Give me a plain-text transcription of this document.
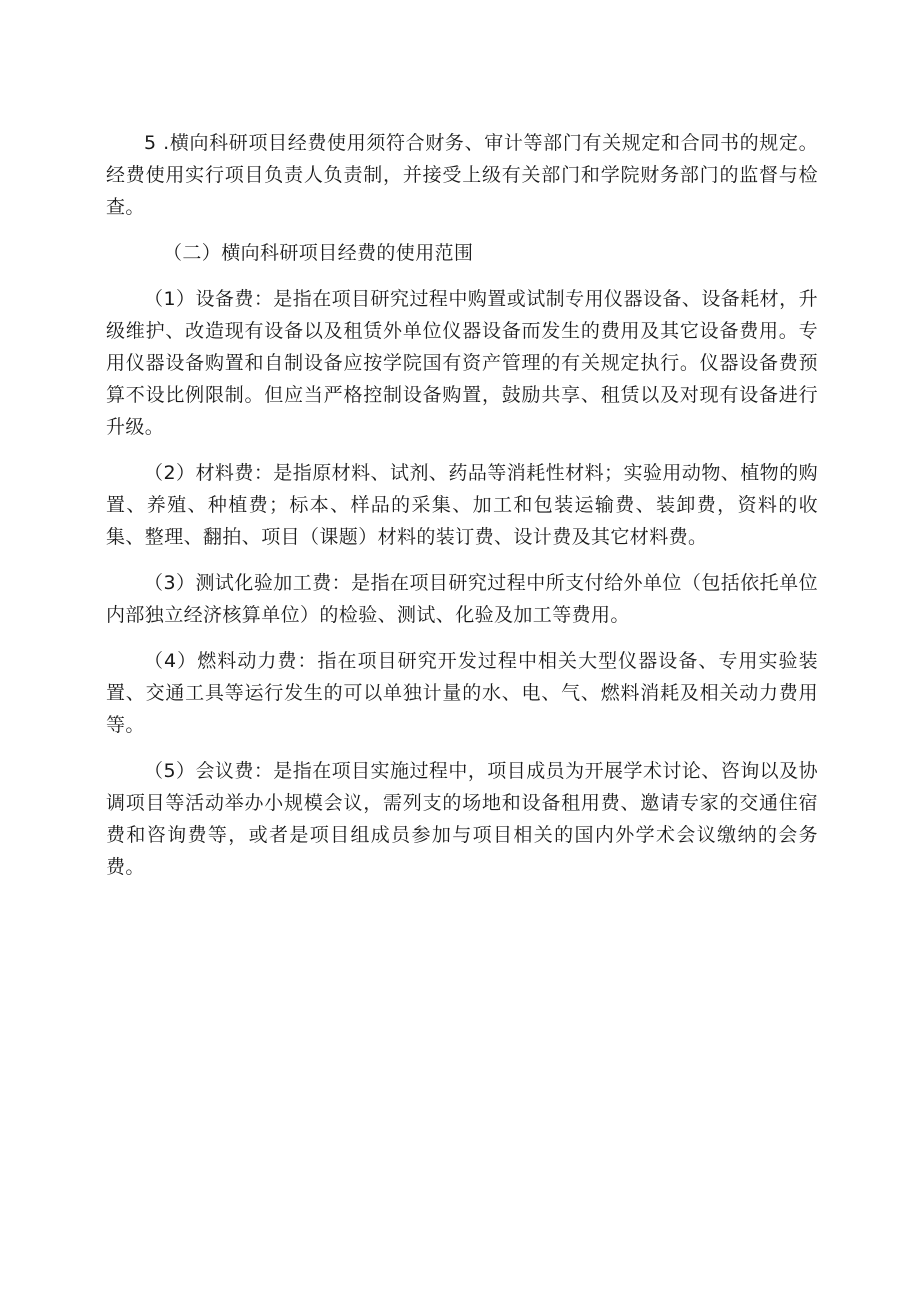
5 .横向科研项目经费使用须符合财务、审计等部门有关规定和合同书的规定。经费使用实行项目负责人负责制，并接受上级有关部门和学院财务部门的监督与检查。

（二）横向科研项目经费的使用范围

（1）设备费：是指在项目研究过程中购置或试制专用仪器设备、设备耗材，升级维护、改造现有设备以及租赁外单位仪器设备而发生的费用及其它设备费用。专用仪器设备购置和自制设备应按学院国有资产管理的有关规定执行。仪器设备费预算不设比例限制。但应当严格控制设备购置，鼓励共享、租赁以及对现有设备进行升级。

（2）材料费：是指原材料、试剂、药品等消耗性材料；实验用动物、植物的购置、养殖、种植费；标本、样品的采集、加工和包装运输费、装卸费，资料的收集、整理、翻拍、项目（课题）材料的装订费、设计费及其它材料费。

（3）测试化验加工费：是指在项目研究过程中所支付给外单位（包括依托单位内部独立经济核算单位）的检验、测试、化验及加工等费用。

（4）燃料动力费：指在项目研究开发过程中相关大型仪器设备、专用实验装置、交通工具等运行发生的可以单独计量的水、电、气、燃料消耗及相关动力费用等。

（5）会议费：是指在项目实施过程中，项目成员为开展学术讨论、咨询以及协调项目等活动举办小规模会议，需列支的场地和设备租用费、邀请专家的交通住宿费和咨询费等，或者是项目组成员参加与项目相关的国内外学术会议缴纳的会务费。
